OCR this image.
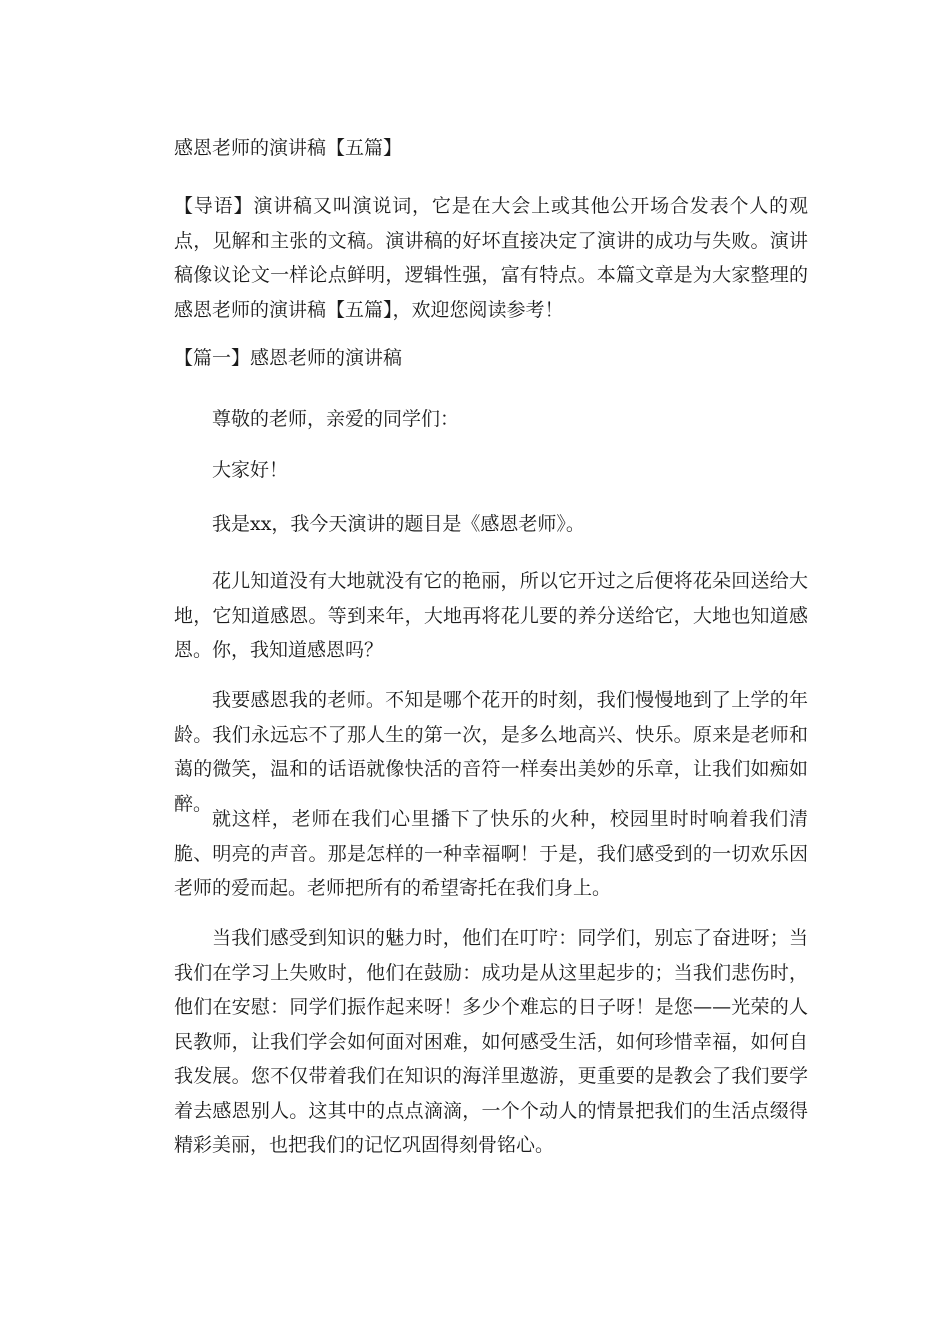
感恩老师的演讲稿【五篇】

【导语】演讲稿又叫演说词，它是在大会上或其他公开场合发表个人的观点，见解和主张的文稿。演讲稿的好坏直接决定了演讲的成功与失败。演讲稿像议论文一样论点鲜明，逻辑性强，富有特点。本篇文章是为大家整理的感恩老师的演讲稿【五篇】，欢迎您阅读参考！

【篇一】感恩老师的演讲稿

尊敬的老师，亲爱的同学们：

大家好！

我是xx，我今天演讲的题目是《感恩老师》。

花儿知道没有大地就没有它的艳丽，所以它开过之后便将花朵回送给大地，它知道感恩。等到来年，大地再将花儿要的养分送给它，大地也知道感恩。你，我知道感恩吗？

我要感恩我的老师。不知是哪个花开的时刻，我们慢慢地到了上学的年龄。我们永远忘不了那人生的第一次，是多么地高兴、快乐。原来是老师和蔼的微笑，温和的话语就像快活的音符一样奏出美妙的乐章，让我们如痴如醉。

就这样，老师在我们心里播下了快乐的火种，校园里时时响着我们清脆、明亮的声音。那是怎样的一种幸福啊！于是，我们感受到的一切欢乐因老师的爱而起。老师把所有的希望寄托在我们身上。

当我们感受到知识的魅力时，他们在叮咛：同学们，别忘了奋进呀；当我们在学习上失败时，他们在鼓励：成功是从这里起步的；当我们悲伤时，他们在安慰：同学们振作起来呀！多少个难忘的日子呀！是您——光荣的人民教师，让我们学会如何面对困难，如何感受生活，如何珍惜幸福，如何自我发展。您不仅带着我们在知识的海洋里遨游，更重要的是教会了我们要学着去感恩别人。这其中的点点滴滴，一个个动人的情景把我们的生活点缀得精彩美丽，也把我们的记忆巩固得刻骨铭心。
